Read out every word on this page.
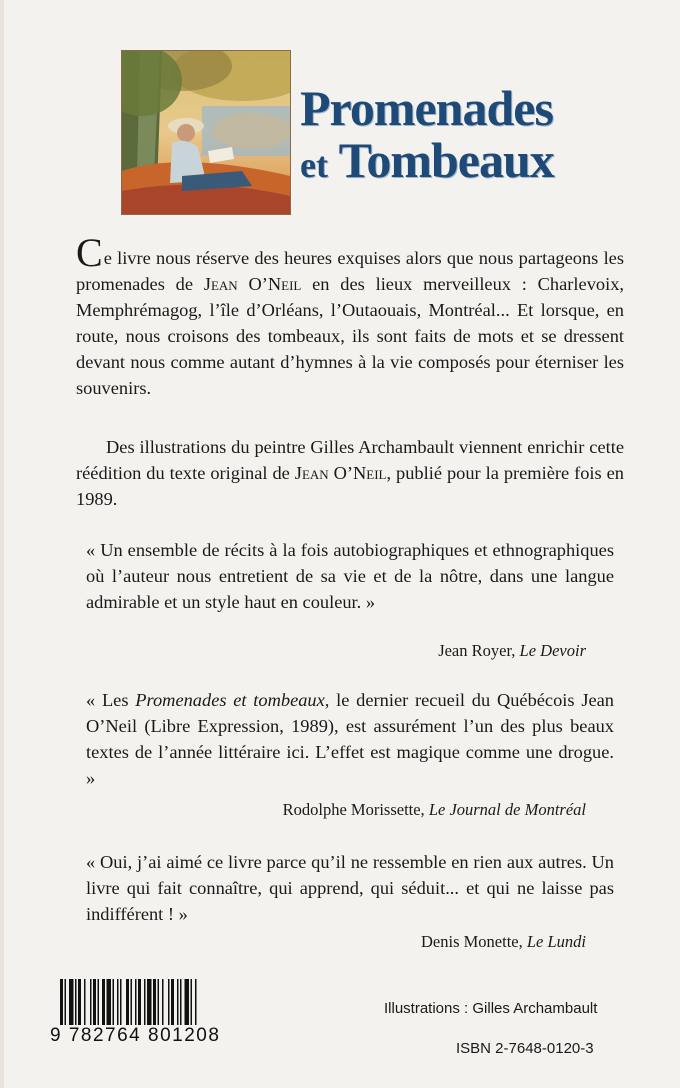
Promenades
et Tombeaux
Ce livre nous réserve des heures exquises alors que nous partageons les promenades de Jean O’Neil en des lieux merveilleux : Charlevoix, Memphrémagog, l’île d’Orléans, l’Outaouais, Montréal... Et lorsque, en route, nous croisons des tombeaux, ils sont faits de mots et se dressent devant nous comme autant d’hymnes à la vie composés pour éterniser les souvenirs.
Des illustrations du peintre Gilles Archambault viennent enrichir cette réédition du texte original de Jean O’Neil, publié pour la première fois en 1989.
« Un ensemble de récits à la fois autobiographiques et ethnographiques où l’auteur nous entretient de sa vie et de la nôtre, dans une langue admirable et un style haut en couleur. »
Jean Royer, Le Devoir
« Les Promenades et tombeaux, le dernier recueil du Québécois Jean O’Neil (Libre Expression, 1989), est assurément l’un des plus beaux textes de l’année littéraire ici. L’effet est magique comme une drogue. »
Rodolphe Morissette, Le Journal de Montréal
« Oui, j’ai aimé ce livre parce qu’il ne ressemble en rien aux autres. Un livre qui fait connaître, qui apprend, qui séduit... et qui ne laisse pas indifférent ! »
Denis Monette, Le Lundi
9 782764 801208
Illustrations : Gilles Archambault
ISBN 2-7648-0120-3
